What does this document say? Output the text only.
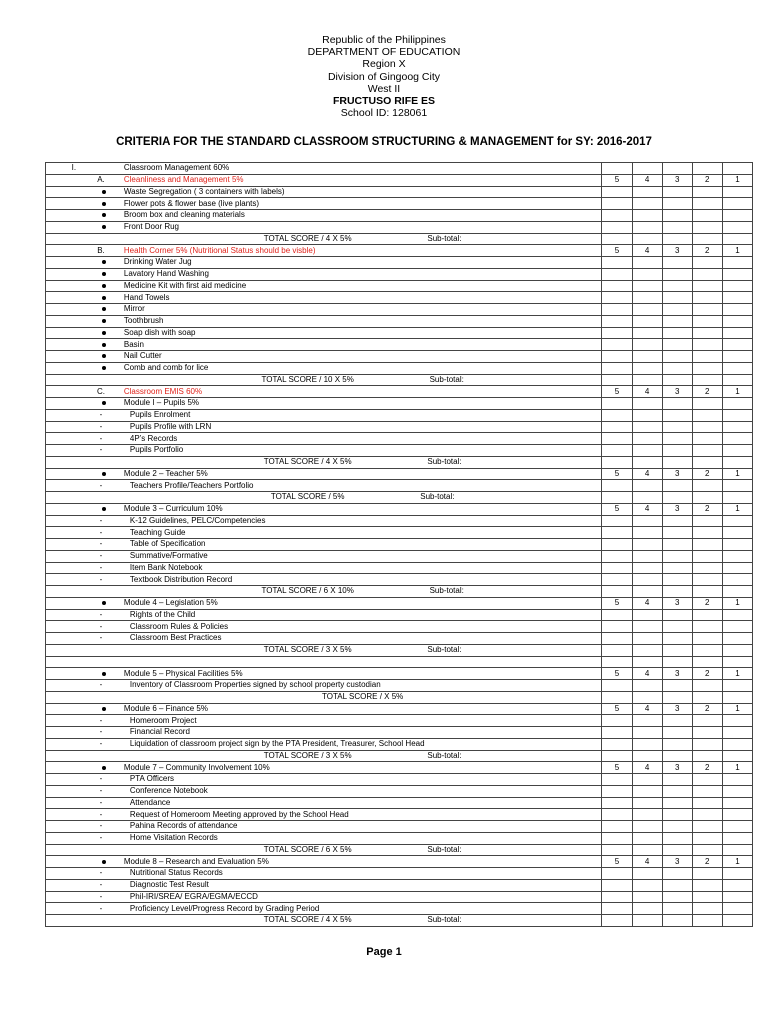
Republic of the Philippines
DEPARTMENT OF EDUCATION
Region X
Division of Gingoog City
West II
FRUCTUSO RIFE ES
School ID: 128061
CRITERIA FOR THE STANDARD CLASSROOM STRUCTURING & MANAGEMENT for SY: 2016-2017
I.		Classroom Management 60%					
	A.	Cleanliness and Management 5%	5	4	3	2	1
		Waste Segregation ( 3 containers with labels)					
		Flower pots & flower base (live plants)					
		Broom box and cleaning materials					
		Front Door Rug					
		TOTAL SCORE / 4 X 5% Sub-total:					
	B.	Health Corner 5% (Nutritional Status should be visble)	5	4	3	2	1
		Drinking Water Jug					
		Lavatory Hand Washing					
		Medicine Kit with first aid medicine					
		Hand Towels					
		Mirror					
		Toothbrush					
		Soap dish with soap					
		Basin					
		Nail Cutter					
		Comb and comb for lice					
		TOTAL SCORE / 10 X 5% Sub-total:					
	C.	Classroom EMIS 60%	5	4	3	2	1
		Module I – Pupils 5%					
	-	Pupils Enrolment					
	-	Pupils Profile with LRN					
	-	4P’s Records					
	-	Pupils Portfolio					
		TOTAL SCORE / 4 X 5% Sub-total:					
		Module 2 – Teacher 5%	5	4	3	2	1
	-	Teachers Profile/Teachers Portfolio					
		TOTAL SCORE / 5% Sub-total:					
		Module 3 – Curriculum 10%	5	4	3	2	1
	-	K-12 Guidelines, PELC/Competencies					
	-	Teaching Guide					
	-	Table of Specification					
	-	Summative/Formative					
	-	Item Bank Notebook					
	-	Textbook Distribution Record					
		TOTAL SCORE / 6 X 10% Sub-total:					
		Module 4 – Legislation 5%	5	4	3	2	1
	-	Rights of the Child					
	-	Classroom Rules & Policies					
	-	Classroom Best Practices					
		TOTAL SCORE / 3 X 5% Sub-total:					

		Module 5 – Physical Facilities 5%	5	4	3	2	1
	-	Inventory of Classroom Properties signed by school property custodian					
		TOTAL SCORE / X 5%					
		Module 6 – Finance 5%	5	4	3	2	1
	-	Homeroom Project					
	-	Financial Record					
	-	Liquidation of classroom project sign by the PTA President, Treasurer, School Head					
		TOTAL SCORE / 3 X 5% Sub-total:					
		Module 7 – Community Involvement 10%	5	4	3	2	1
	-	PTA Officers					
	-	Conference Notebook					
	-	Attendance					
	-	Request of Homeroom Meeting approved by the School Head					
	-	Pahina Records of attendance					
	-	Home Visitation Records					
		TOTAL SCORE / 6 X 5% Sub-total:					
		Module 8 – Research and Evaluation 5%	5	4	3	2	1
	-	Nutritional Status Records					
	-	Diagnostic Test Result					
	-	Phil-IRI/SREA/ EGRA/EGMA/ECCD					
	-	Proficiency Level/Progress Record by Grading Period					
		TOTAL SCORE / 4 X 5% Sub-total:					
Page 1
